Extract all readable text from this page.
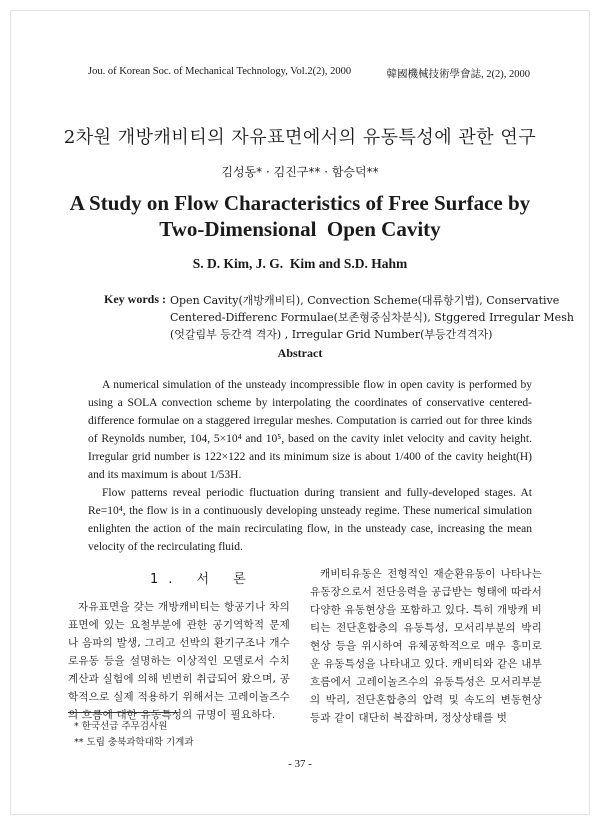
Jou. of Korean Soc. of Mechanical Technology, Vol.2(2), 2000	韓國機械技術學會誌, 2(2), 2000
2차원 개방캐비티의 자유표면에서의 유동특성에 관한 연구
김성동* · 김진구** · 함승덕**
A Study on Flow Characteristics of Free Surface by
Two-Dimensional  Open Cavity
S. D. Kim, J. G.  Kim and S.D. Hahm
Key words : Open Cavity(개방캐비티), Convection Scheme(대류항기법), Conservative
Centered-Differenc Formulae(보존형중심차분식), Stggered Irregular Mesh
(엇갈림부 등간격 격자) , Irregular Grid Number(부등간격격자)
Abstract

A numerical simulation of the unsteady incompressible flow in open cavity is performed by using a SOLA convection scheme by interpolating the coordinates of conservative centered-difference formulae on a staggered irregular meshes. Computation is carried out for three kinds of Reynolds number, 104, 5×10⁴ and 10⁵, based on the cavity inlet velocity and cavity height. Irregular grid number is 122×122 and its minimum size is about 1/400 of the cavity height(H) and its maximum is about 1/53H.

Flow patterns reveal periodic fluctuation during transient and fully-developed stages. At Re=10⁴, the flow is in a continuously developing unsteady regime. These numerical simulation enlighten the action of the main recirculating flow, in the unsteady case, increasing the mean velocity of the recirculating fluid.

1. 서 론

자유표면을 갖는 개방캐비티는 항공기나 차의 표면에 있는 요철부분에 관한 공기역학적 문제나 음파의 발생, 그리고 선박의 환기구조나 개수로유동 등을 설명하는 이상적인 모델로서 수치계산과 실험에 의해 빈번히 취급되어 왔으며, 공학적으로 실제 적용하기 위해서는 고레이놀즈수의 흐름에 대한 유동특성의 규명이 필요하다.

캐비티유동은 전형적인 재순환유동이 나타나는 유동장으로서 전단응력을 공급받는 형태에 따라서 다양한 유동현상을 포함하고 있다. 특히 개방캐 비티는 전단혼합층의 유동특성, 모서리부분의 박리현상 등을 위시하여 유체공학적으로 매우 흥미로운 유동특성을 나타내고 있다. 캐비티와 같은 내부흐름에서 고레이놀즈수의 유동특성은 모서리부분의 박리, 전단혼합층의 압력 및 속도의 변동현상 등과 같이 대단히 복잡하며, 정상상태를 벗

* 한국선급 주무검사원
** 도립 충북과학대학 기계과
- 37 -
